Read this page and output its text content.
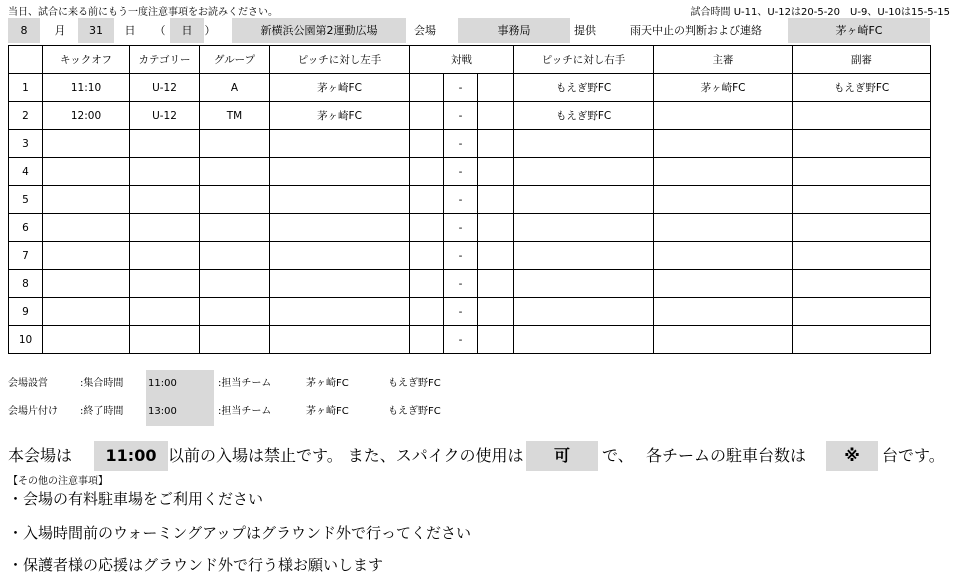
当日、試合に来る前にもう一度注意事項をお読みください。	試合時間 U-11、U-12は20-5-20　U-9、U-10は15-5-15
8	月	31	日	（	日	）	新横浜公園第2運動広場	会場	事務局	提供	雨天中止の判断および連絡	茅ヶ崎FC
	キックオフ	カテゴリー	グループ	ピッチに対し左手	対戦			ピッチに対し右手	主審	副審
1	11:10	U-12	A	茅ヶ崎FC		-		もえぎ野FC	茅ヶ崎FC	もえぎ野FC
2	12:00	U-12	TM	茅ヶ崎FC		-		もえぎ野FC		
3						-				
4						-				
5						-				
6						-				
7						-				
8						-				
9						-				
10						-				
会場設営	:集合時間 11:00	:担当チーム	茅ヶ崎FC	もえぎ野FC
会場片付け :終了時間 13:00	:担当チーム	茅ヶ崎FC	もえぎ野FC
本会場は	11:00 以前の入場は禁止です。 また、スパイクの使用は	可	で、 各チームの駐車台数は	※	台です。
【その他の注意事項】
・会場の有料駐車場をご利用ください
・入場時間前のウォーミングアップはグラウンド外で行ってください
・保護者様の応援はグラウンド外で行う様お願いします
